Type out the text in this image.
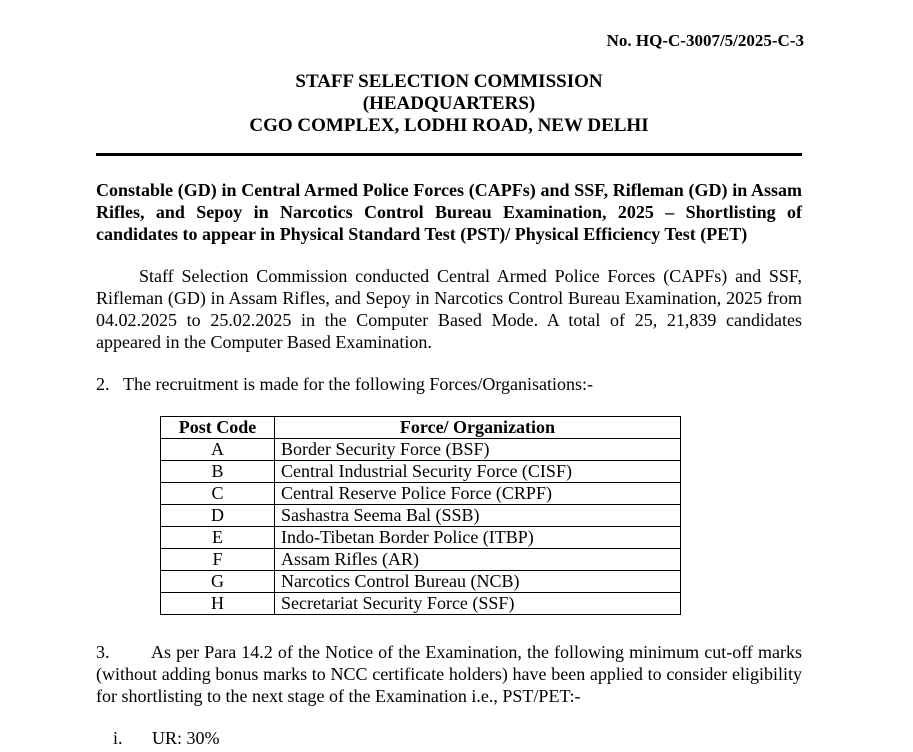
No. HQ-C-3007/5/2025-C-3
STAFF SELECTION COMMISSION
(HEADQUARTERS)
CGO COMPLEX, LODHI ROAD, NEW DELHI
Constable (GD) in Central Armed Police Forces (CAPFs) and SSF, Rifleman (GD) in Assam Rifles, and Sepoy in Narcotics Control Bureau Examination, 2025 – Shortlisting of candidates to appear in Physical Standard Test (PST)/ Physical Efficiency Test (PET)
Staff Selection Commission conducted Central Armed Police Forces (CAPFs) and SSF, Rifleman (GD) in Assam Rifles, and Sepoy in Narcotics Control Bureau Examination, 2025 from 04.02.2025 to 25.02.2025 in the Computer Based Mode. A total of 25, 21,839 candidates appeared in the Computer Based Examination.
2. The recruitment is made for the following Forces/Organisations:-
Post Code	Force/ Organization
A	Border Security Force (BSF)
B	Central Industrial Security Force (CISF)
C	Central Reserve Police Force (CRPF)
D	Sashastra Seema Bal (SSB)
E	Indo-Tibetan Border Police (ITBP)
F	Assam Rifles (AR)
G	Narcotics Control Bureau (NCB)
H	Secretariat Security Force (SSF)
3. As per Para 14.2 of the Notice of the Examination, the following minimum cut-off marks (without adding bonus marks to NCC certificate holders) have been applied to consider eligibility for shortlisting to the next stage of the Examination i.e., PST/PET:-
i. UR: 30%
